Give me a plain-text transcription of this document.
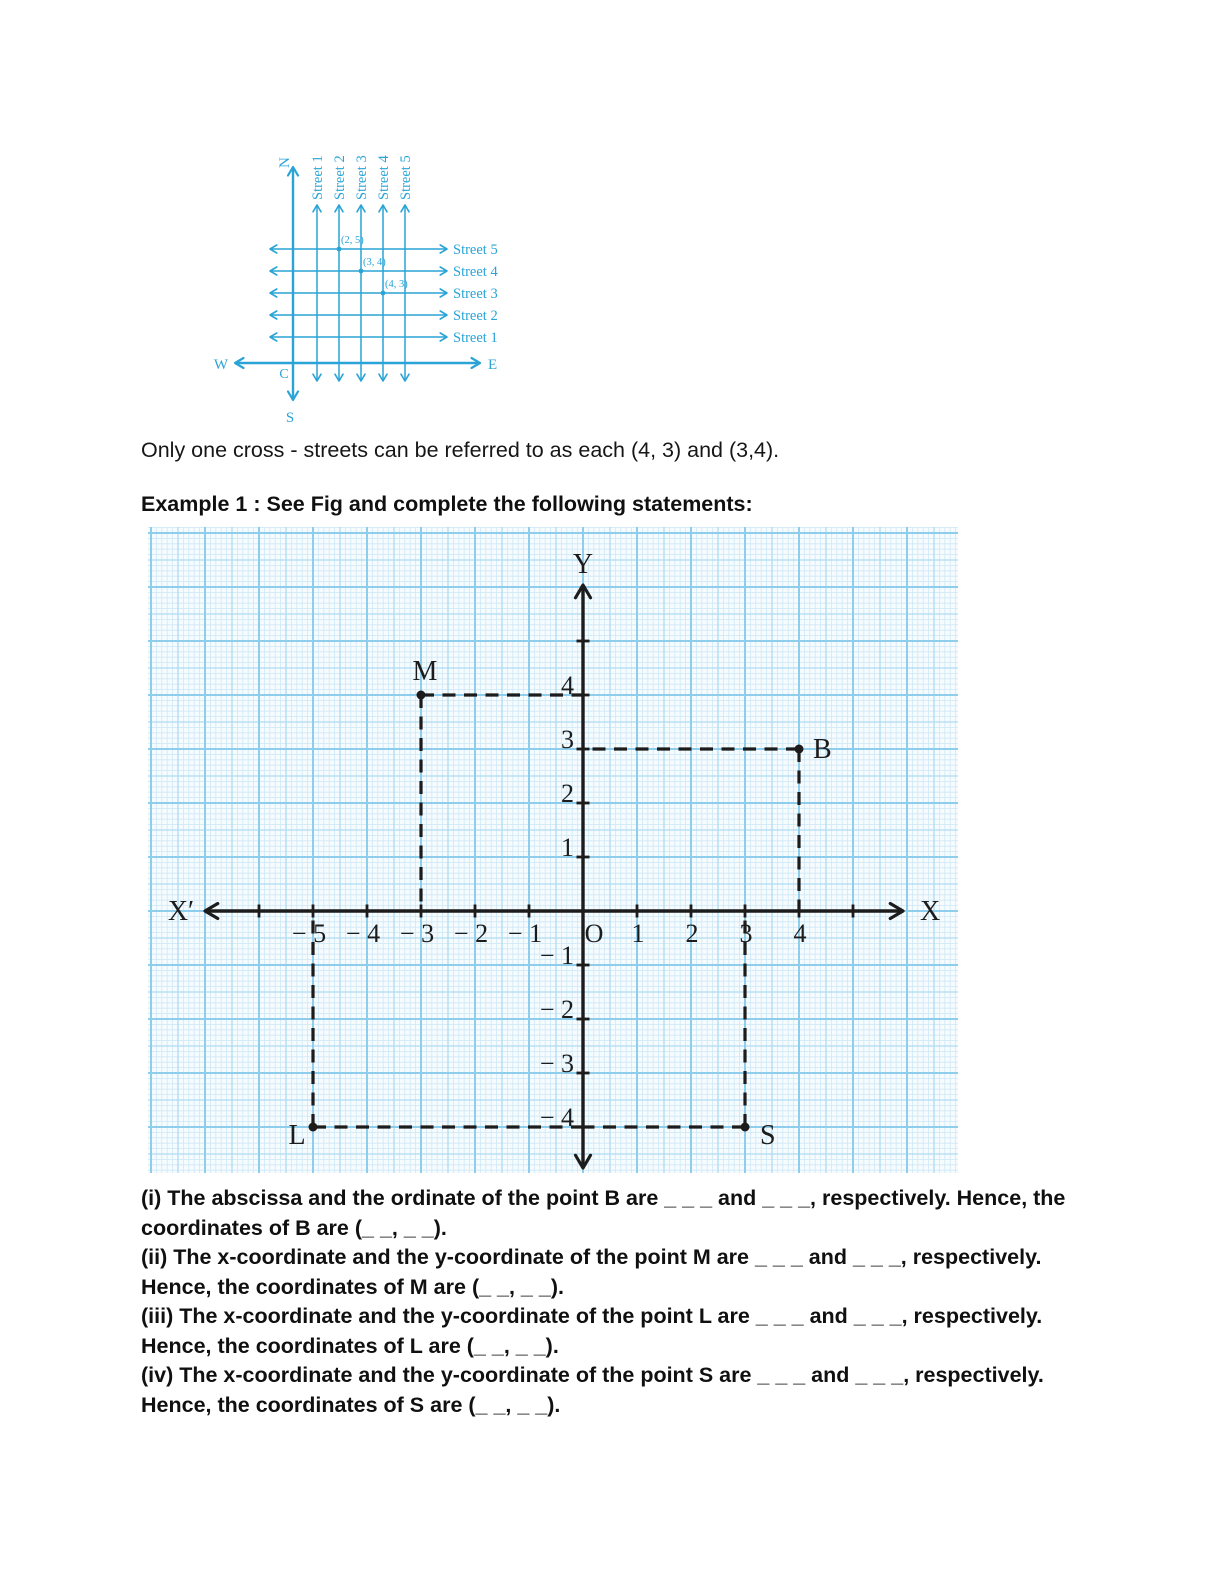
N
S
W	E
C
Street 1 Street 2 Street 3 Street 4 Street 5
Street 5
Street 4
Street 3
Street 2
Street 1
(2, 5)
(3, 4)
(4, 3)

Only one cross - streets can be referred to as each (4, 3) and (3,4).

Example 1 : See Fig and complete the following statements:

− 5 − 4 − 3 − 2 − 1 O 1 2 3 4
4
3
2
1
− 1
− 2
− 3
− 4
M
B
L	S
Y
X
X′

(i) The abscissa and the ordinate of the point B are _ _ _ and _ _ _, respectively. Hence, the coordinates of B are (_ _, _ _).

(ii) The x-coordinate and the y-coordinate of the point M are _ _ _ and _ _ _, respectively. Hence, the coordinates of M are (_ _, _ _).

(iii) The x-coordinate and the y-coordinate of the point L are _ _ _ and _ _ _, respectively. Hence, the coordinates of L are (_ _, _ _).

(iv) The x-coordinate and the y-coordinate of the point S are _ _ _ and _ _ _, respectively. Hence, the coordinates of S are (_ _, _ _).
